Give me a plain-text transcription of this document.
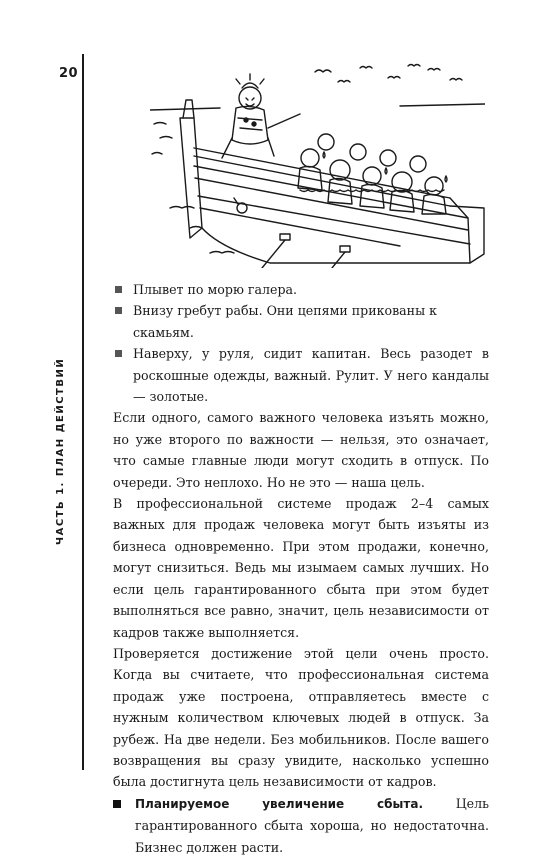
20
ЧАСТЬ 1. ПЛАН ДЕЙСТВИЙ
Плывет по морю галера.
Внизу гребут рабы. Они цепями прикованы к скамьям.
Наверху, у руля, сидит капитан. Весь разодет в роскошные одежды, важный. Рулит. У него кандалы — золотые.

Если одного, самого важного человека изъять можно, но уже второго по важности — нельзя, это означает, что самые главные люди могут сходить в отпуск. По очереди. Это неплохо. Но не это — наша цель.

В профессиональной системе продаж 2–4 самых важных для продаж человека могут быть изъяты из бизнеса одновременно. При этом продажи, конечно, могут снизиться. Ведь мы изымаем самых лучших. Но если цель гарантированного сбыта при этом будет выполняться все равно, значит, цель независимости от кадров также выполняется.

Проверяется достижение этой цели очень просто. Когда вы считаете, что профессиональная система продаж уже построена, отправляетесь вместе с нужным количеством ключевых людей в отпуск. За рубеж. На две недели. Без мобильников. После вашего возвращения вы сразу увидите, насколько успешно была достигнута цель независимости от кадров.

Планируемое увеличение сбыта. Цель гарантированного сбыта хороша, но недостаточна. Бизнес должен расти.
